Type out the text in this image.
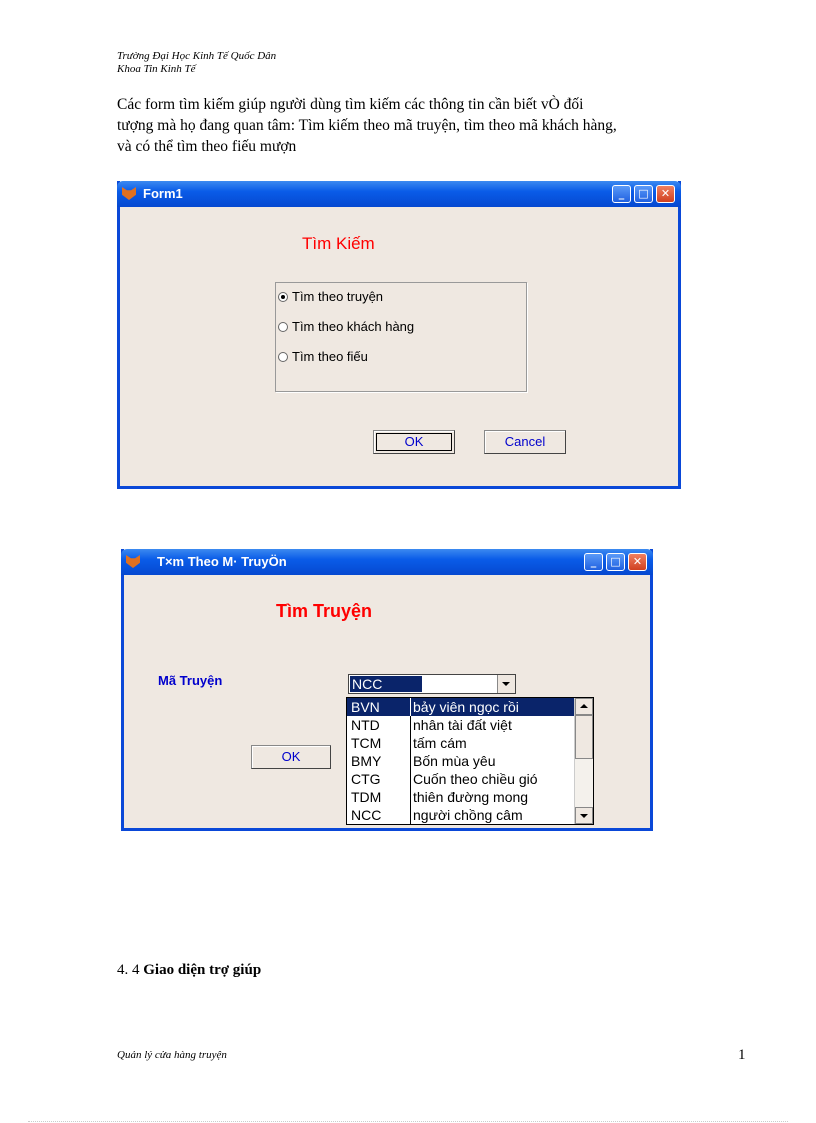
Trường Đại Học Kinh Tế Quốc Dân
Khoa Tin Kinh Tế
Các form tìm kiếm giúp người dùng tìm kiếm các thông tin cần biết vÒ đối
tượng mà họ đang quan tâm: Tìm kiếm theo mã truyện, tìm theo mã khách hàng,
và có thể tìm theo fiếu mượn
Form1	_	□	✕
Tìm Kiếm
Tìm theo truyện
Tìm theo khách hàng
Tìm theo fiếu
OK	Cancel
T×m Theo M· TruyÖn	_	□	✕
Tìm Truyện
Mã Truyện	NCC
OK
BVN	bảy viên ngọc rồi
NTD	nhân tài đất việt
TCM	tấm cám
BMY	Bốn mùa yêu
CTG	Cuốn theo chiều gió
TDM	thiên đường mong
NCC	người chồng câm
4. 4 Giao diện trợ giúp
Quản lý cửa hàng truyện	1
